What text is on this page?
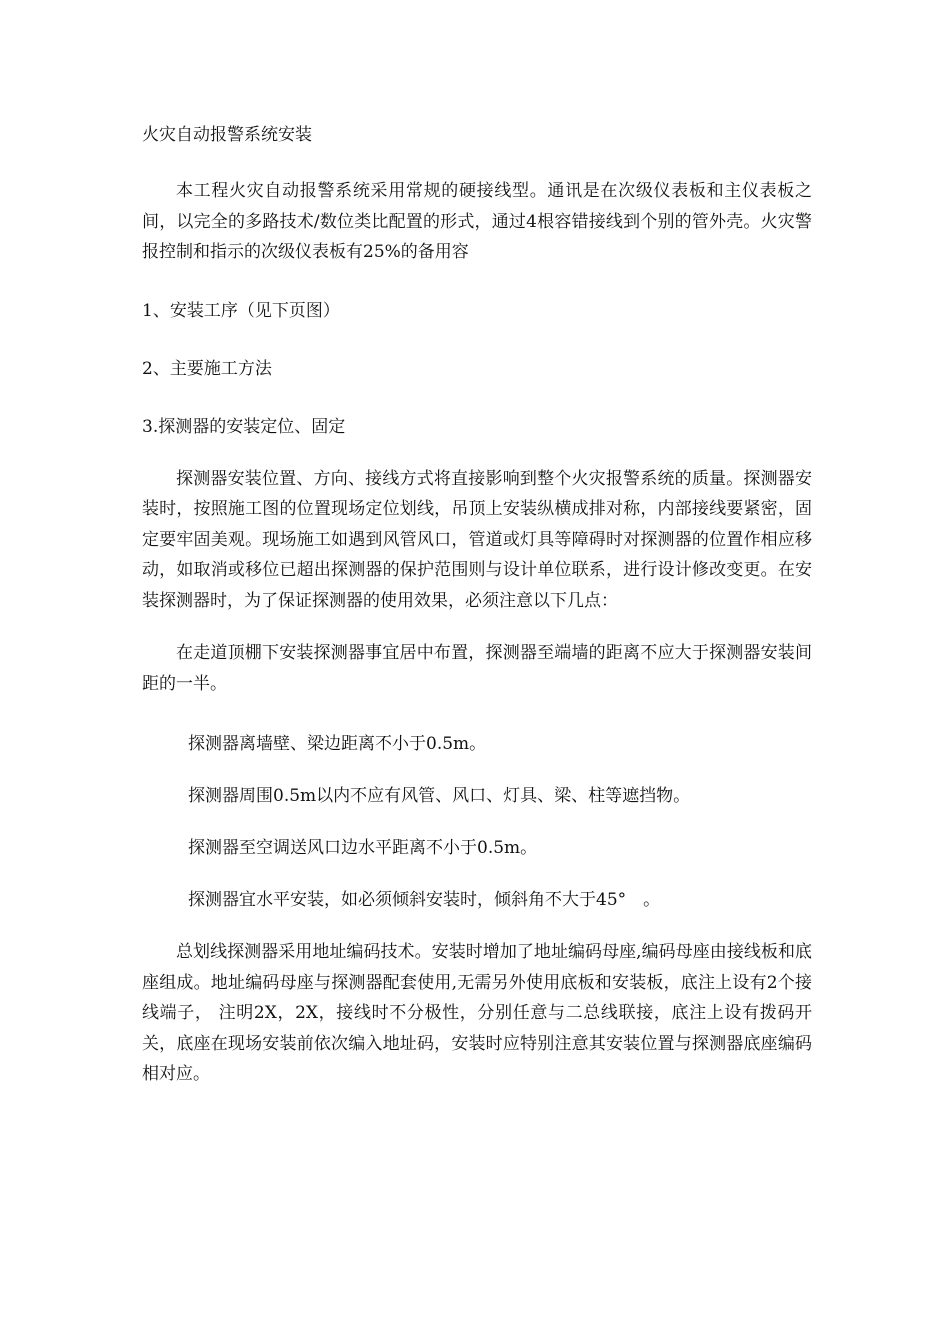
火灾自动报警系统安装

本工程火灾自动报警系统采用常规的硬接线型。通讯是在次级仪表板和主仪表板之间，以完全的多路技术/数位类比配置的形式，通过4根容错接线到个别的管外壳。火灾警报控制和指示的次级仪表板有25%的备用容

1、安装工序（见下页图）

2、主要施工方法

3.探测器的安装定位、固定

探测器安装位置、方向、接线方式将直接影响到整个火灾报警系统的质量。探测器安装时，按照施工图的位置现场定位划线，吊顶上安装纵横成排对称，内部接线要紧密，固定要牢固美观。现场施工如遇到风管风口，管道或灯具等障碍时对探测器的位置作相应移动，如取消或移位已超出探测器的保护范围则与设计单位联系，进行设计修改变更。在安装探测器时，为了保证探测器的使用效果，必须注意以下几点：

在走道顶棚下安装探测器事宜居中布置，探测器至端墙的距离不应大于探测器安装间距的一半。

探测器离墙壁、梁边距离不小于0.5m。

探测器周围0.5m以内不应有风管、风口、灯具、梁、柱等遮挡物。

探测器至空调送风口边水平距离不小于0.5m。

探测器宜水平安装，如必须倾斜安装时，倾斜角不大于45°　。

总划线探测器采用地址编码技术。安装时增加了地址编码母座,编码母座由接线板和底座组成。地址编码母座与探测器配套使用,无需另外使用底板和安装板，底注上设有2个接线端子， 注明2X，2X，接线时不分极性，分别任意与二总线联接，底注上设有拨码开关，底座在现场安装前依次编入地址码，安装时应特别注意其安装位置与探测器底座编码相对应。
